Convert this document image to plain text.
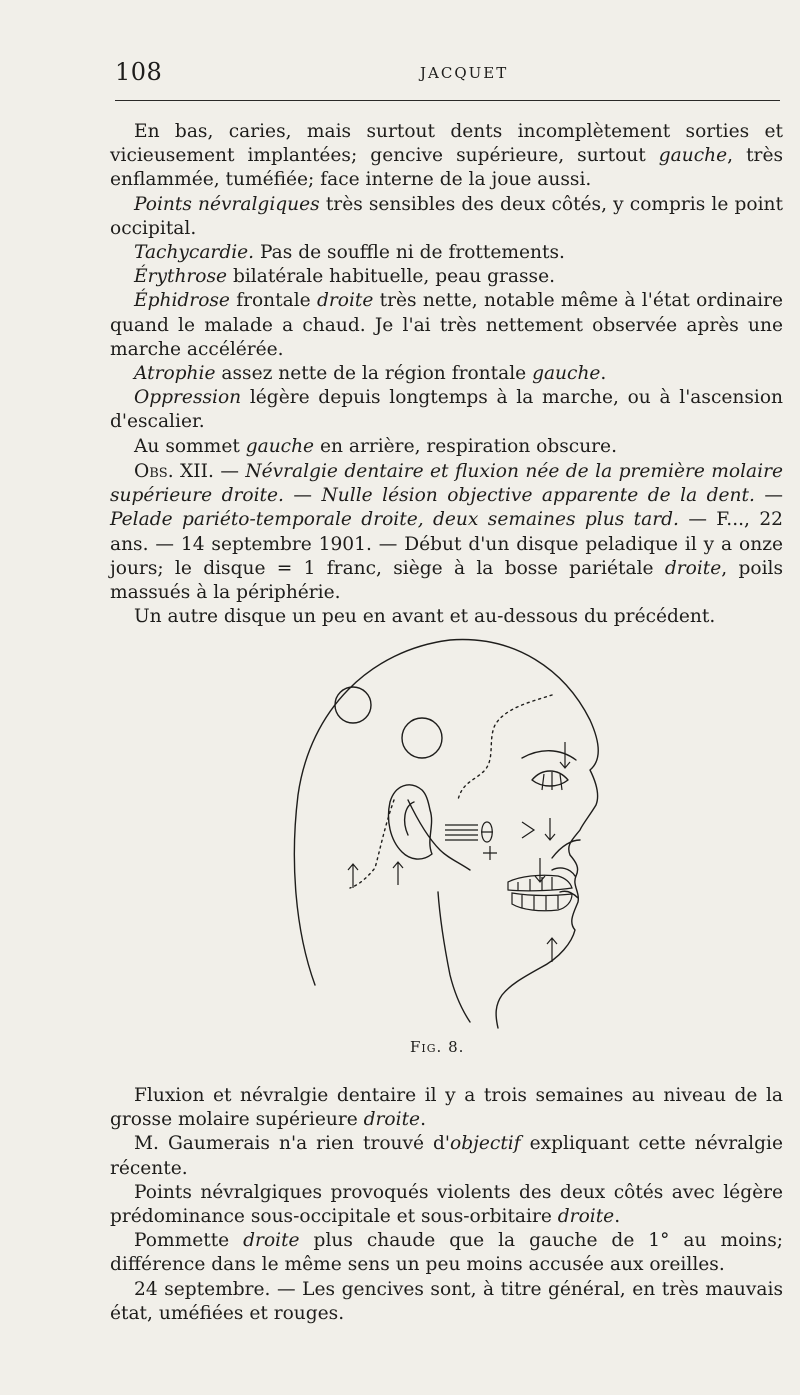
108	JACQUET

En bas, caries, mais surtout dents incomplètement sorties et vicieusement implantées; gencive supérieure, surtout gauche, très enflammée, tuméfiée; face interne de la joue aussi.

Points névralgiques très sensibles des deux côtés, y compris le point occipital.

Tachycardie. Pas de souffle ni de frottements.

Érythrose bilatérale habituelle, peau grasse.

Éphidrose frontale droite très nette, notable même à l'état ordinaire quand le malade a chaud. Je l'ai très nettement observée après une marche accélérée.

Atrophie assez nette de la région frontale gauche.

Oppression légère depuis longtemps à la marche, ou à l'ascension d'escalier.

Au sommet gauche en arrière, respiration obscure.

Obs. XII. — Névralgie dentaire et fluxion née de la première molaire supérieure droite. — Nulle lésion objective apparente de la dent. — Pelade pariéto-temporale droite, deux semaines plus tard. — F..., 22 ans. — 14 septembre 1901. — Début d'un disque peladique il y a onze jours; le disque = 1 franc, siège à la bosse pariétale droite, poils massués à la périphérie.

Un autre disque un peu en avant et au-dessous du précédent.

Fig. 8.

Fluxion et névralgie dentaire il y a trois semaines au niveau de la grosse molaire supérieure droite.

M. Gaumerais n'a rien trouvé d'objectif expliquant cette névralgie récente.

Points névralgiques provoqués violents des deux côtés avec légère prédominance sous-occipitale et sous-orbitaire droite.

Pommette droite plus chaude que la gauche de 1° au moins; différence dans le même sens un peu moins accusée aux oreilles.

24 septembre. — Les gencives sont, à titre général, en très mauvais état, uméfiées et rouges.
